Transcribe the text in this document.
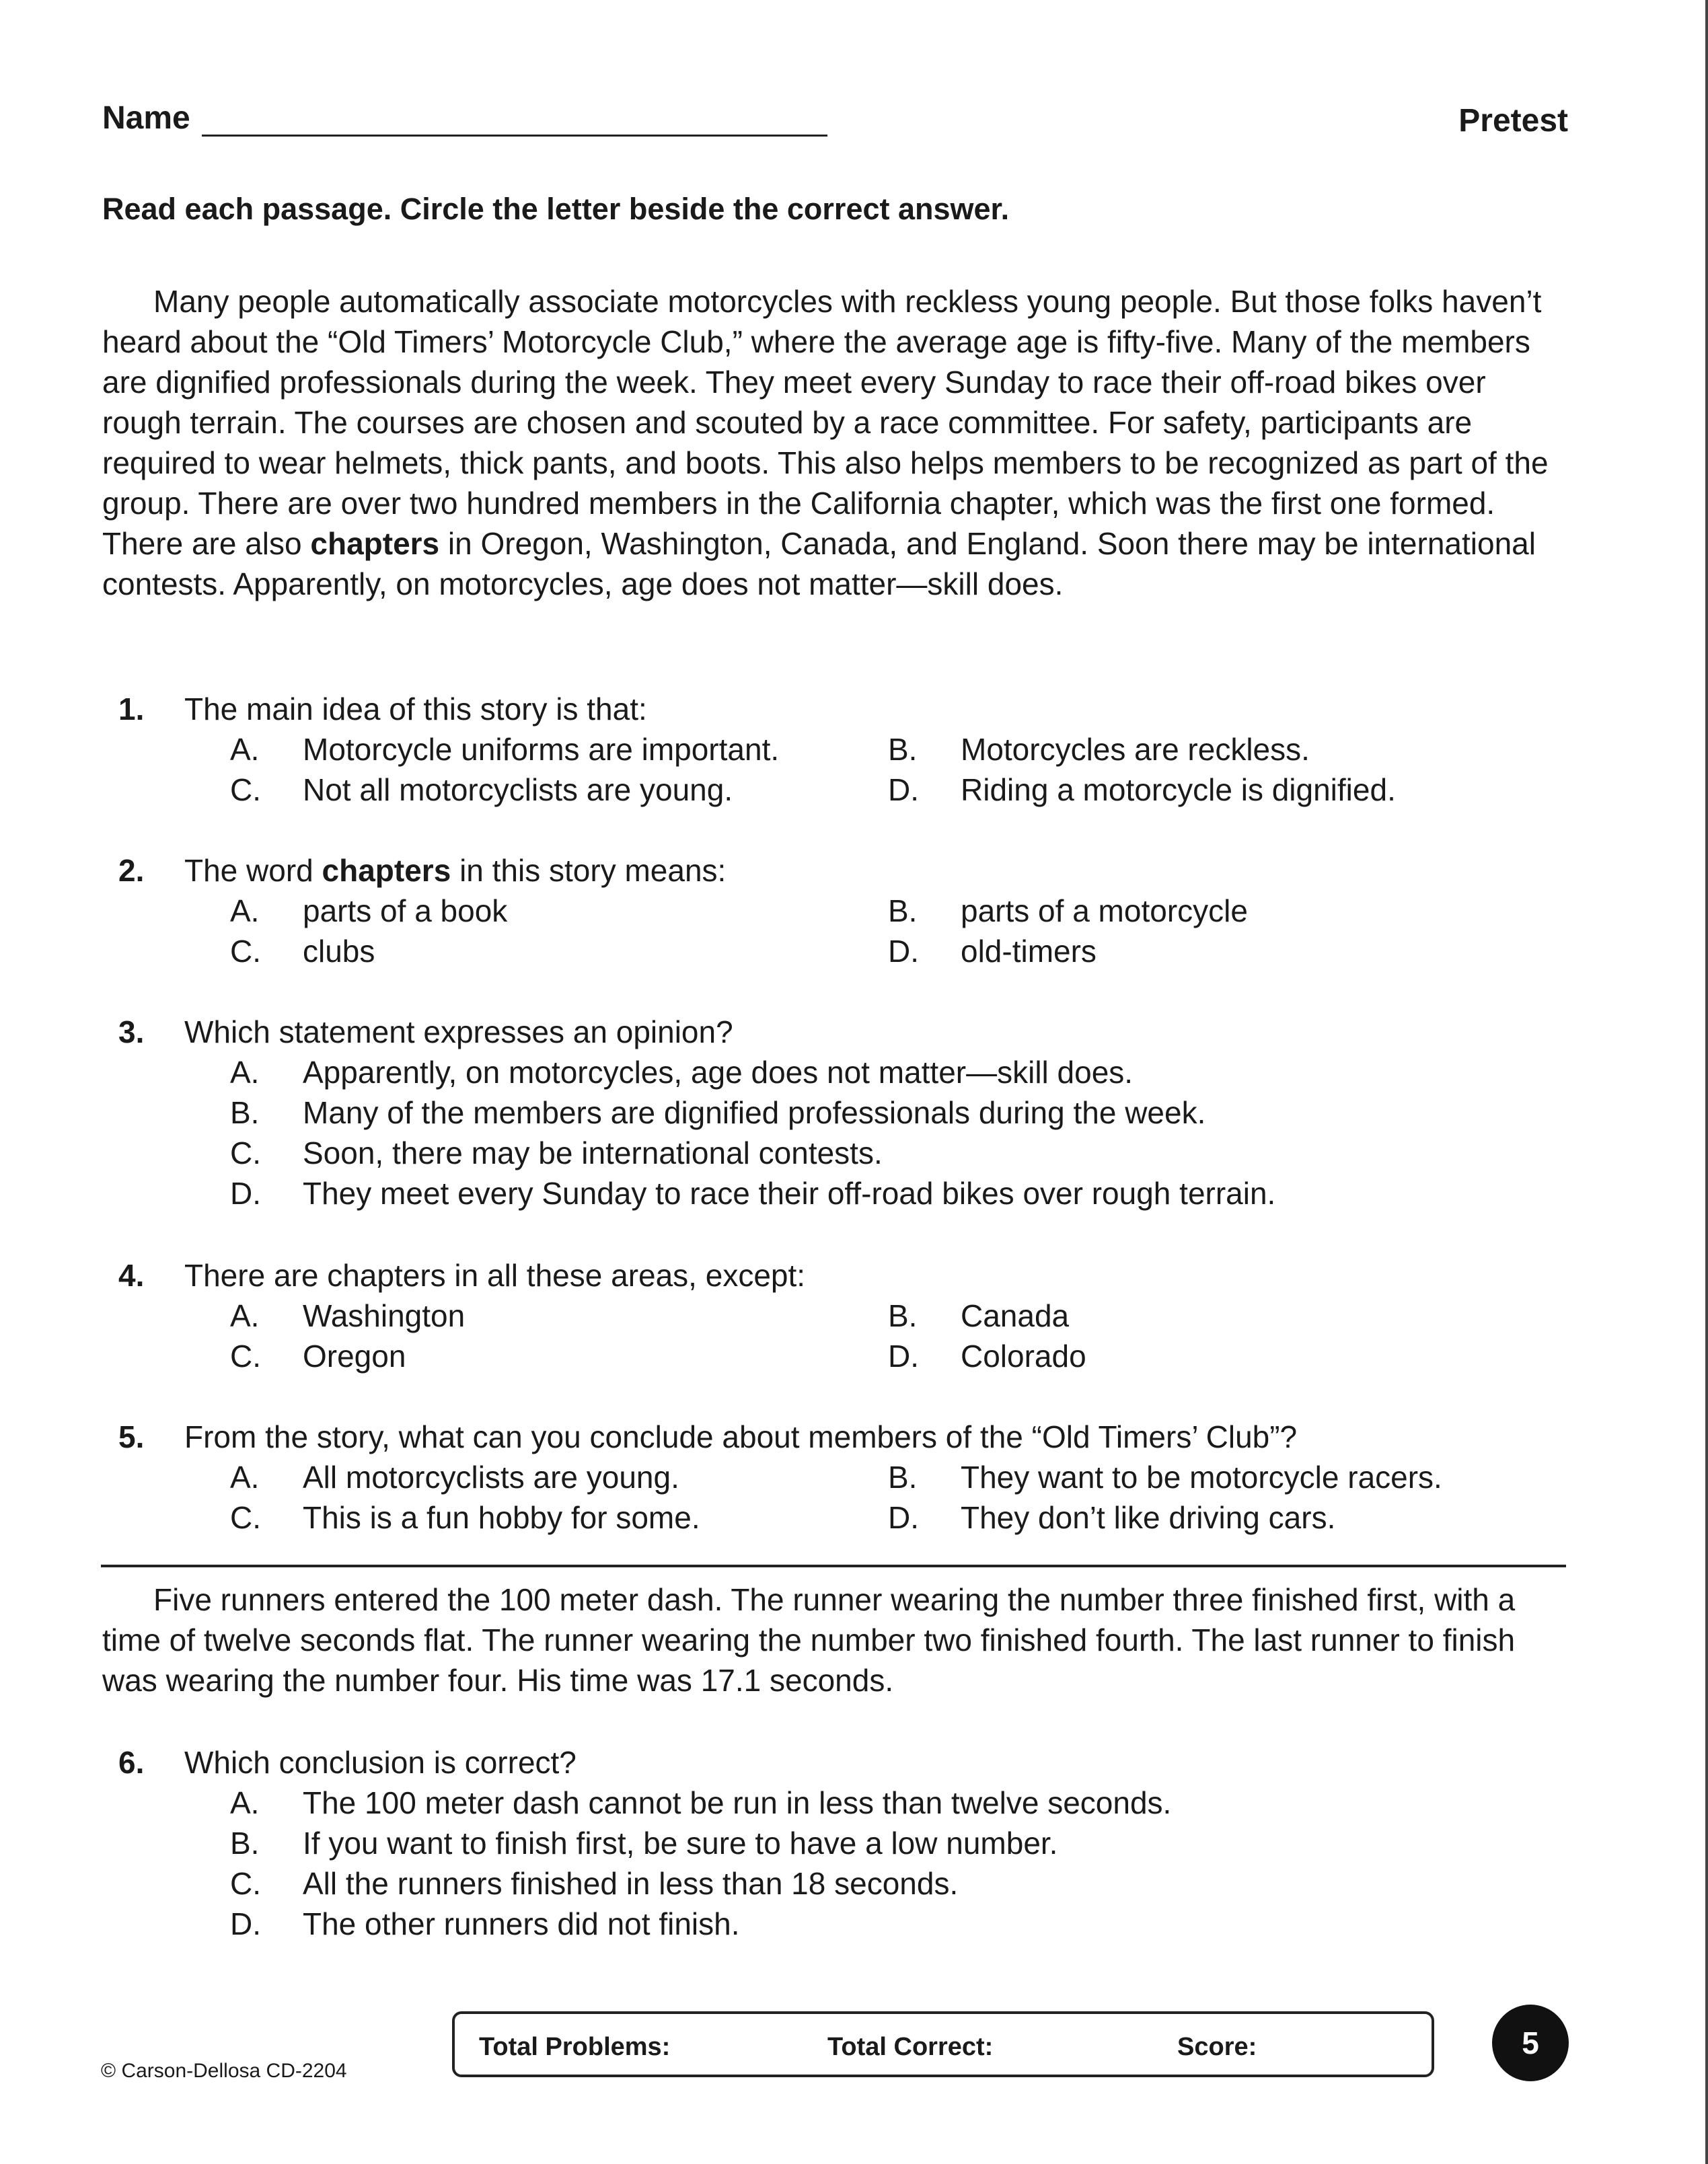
Name	Pretest
Read each passage. Circle the letter beside the correct answer.

Many people automatically associate motorcycles with reckless young people. But those folks haven’t heard about the “Old Timers’ Motorcycle Club,” where the average age is fifty-five. Many of the members are dignified professionals during the week. They meet every Sunday to race their off-road bikes over rough terrain. The courses are chosen and scouted by a race committee. For safety, participants are required to wear helmets, thick pants, and boots. This also helps members to be recognized as part of the group. There are over two hundred members in the California chapter, which was the first one formed. There are also chapters in Oregon, Washington, Canada, and England. Soon there may be international contests. Apparently, on motorcycles, age does not matter—skill does.

1. The main idea of this story is that:
A. Motorcycle uniforms are important.	B. Motorcycles are reckless.
C. Not all motorcyclists are young.	D. Riding a motorcycle is dignified.
2. The word chapters in this story means:
A. parts of a book	B. parts of a motorcycle
C. clubs	D. old-timers
3. Which statement expresses an opinion?
A. Apparently, on motorcycles, age does not matter—skill does.
B. Many of the members are dignified professionals during the week.
C. Soon, there may be international contests.
D. They meet every Sunday to race their off-road bikes over rough terrain.
4. There are chapters in all these areas, except:
A. Washington	B. Canada
C. Oregon	D. Colorado
5. From the story, what can you conclude about members of the “Old Timers’ Club”?
A. All motorcyclists are young.	B. They want to be motorcycle racers.
C. This is a fun hobby for some.	D. They don’t like driving cars.

Five runners entered the 100 meter dash. The runner wearing the number three finished first, with a time of twelve seconds flat. The runner wearing the number two finished fourth. The last runner to finish was wearing the number four. His time was 17.1 seconds.

6. Which conclusion is correct?
A. The 100 meter dash cannot be run in less than twelve seconds.
B. If you want to finish first, be sure to have a low number.
C. All the runners finished in less than 18 seconds.
D. The other runners did not finish.
© Carson-Dellosa CD-2204
Total Problems:	Total Correct:	Score:	5
